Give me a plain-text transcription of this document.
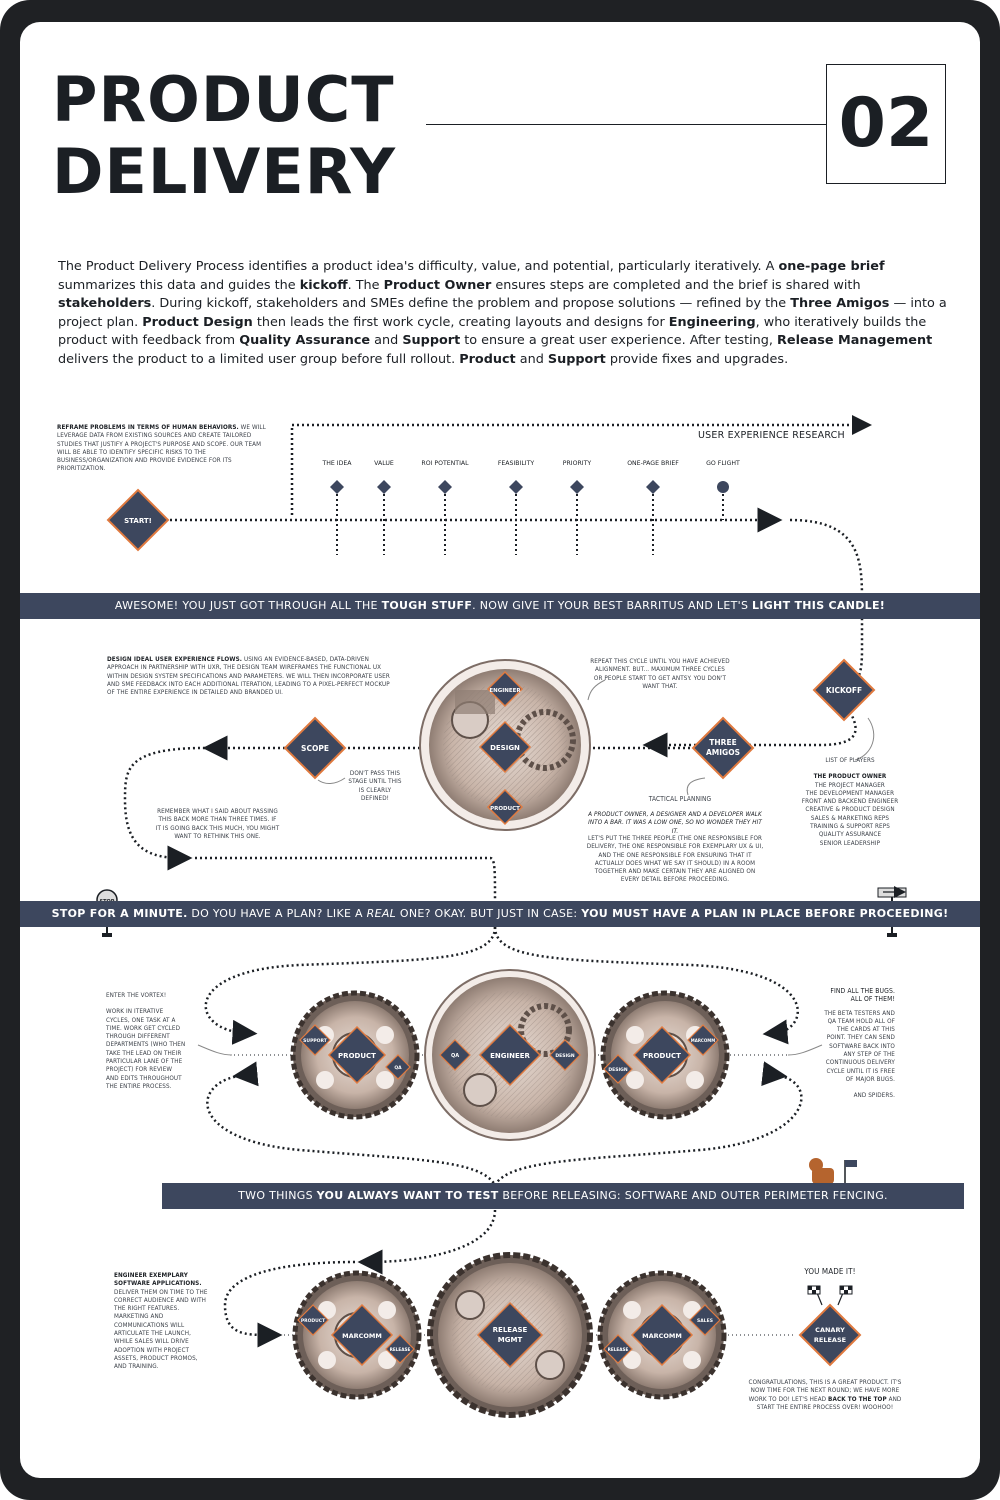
PRODUCT
DELIVERY
02
The Product Delivery Process identifies a product idea's difficulty, value, and potential, particularly iteratively. A one-page brief summarizes this data and guides the kickoff. The Product Owner ensures steps are completed and the brief is shared with stakeholders. During kickoff, stakeholders and SMEs define the problem and propose solutions — refined by the Three Amigos — into a project plan. Product Design then leads the first work cycle, creating layouts and designs for Engineering, who iteratively builds the product with feedback from Quality Assurance and Support to ensure a great user experience. After testing, Release Management delivers the product to a limited user group before full rollout. Product and Support provide fixes and upgrades.
THE IDEA	VALUE	ROI POTENTIAL	FEASIBILITY	PRIORITY	ONE-PAGE BRIEF	GO FLIGHT
START!
ENGINEER
DESIGN
PRODUCT
KICKOFF
THREE
AMIGOS
SCOPE
PRODUCT
SUPPORT
QA
QA	ENGINEER	DESIGN	PRODUCT
MARCOMM
DESIGN
MARCOMM
PRODUCT
RELEASE
RELEASE
MGMT	MARCOMM
SALES
RELEASE
CANARY
RELEASE
REFRAME PROBLEMS IN TERMS OF HUMAN BEHAVIORS. WE WILL LEVERAGE DATA FROM EXISTING SOURCES AND CREATE TAILORED STUDIES THAT JUSTIFY A PROJECT'S PURPOSE AND SCOPE. OUR TEAM WILL BE ABLE TO IDENTIFY SPECIFIC RISKS TO THE BUSINESS/ORGANIZATION AND PROVIDE EVIDENCE FOR ITS PRIORITIZATION.
USER EXPERIENCE RESEARCH
AWESOME! YOU JUST GOT THROUGH ALL THE TOUGH STUFF. NOW GIVE IT YOUR BEST BARRITUS AND LET'S LIGHT THIS CANDLE!
DESIGN IDEAL USER EXPERIENCE FLOWS. USING AN EVIDENCE-BASED, DATA-DRIVEN APPROACH IN PARTNERSHIP WITH UXR, THE DESIGN TEAM WIREFRAMES THE FUNCTIONAL UX WITHIN DESIGN SYSTEM SPECIFICATIONS AND PARAMETERS. WE WILL THEN INCORPORATE USER AND SME FEEDBACK INTO EACH ADDITIONAL ITERATION, LEADING TO A PIXEL-PERFECT MOCKUP OF THE ENTIRE EXPERIENCE IN DETAILED AND BRANDED UI.
REPEAT THIS CYCLE UNTIL YOU HAVE ACHIEVED ALIGNMENT. BUT... MAXIMUM THREE CYCLES OR PEOPLE START TO GET ANTSY. YOU DON'T WANT THAT.
DON'T PASS THIS STAGE UNTIL THIS IS CLEARLY DEFINED!
REMEMBER WHAT I SAID ABOUT PASSING THIS BACK MORE THAN THREE TIMES. IF IT IS GOING BACK THIS MUCH, YOU MIGHT WANT TO RETHINK THIS ONE.
TACTICAL PLANNING
A PRODUCT OWNER, A DESIGNER AND A DEVELOPER WALK INTO A BAR. IT WAS A LOW ONE, SO NO WONDER THEY HIT IT.
LET'S PUT THE THREE PEOPLE (THE ONE RESPONSIBLE FOR DELIVERY, THE ONE RESPONSIBLE FOR EXEMPLARY UX & UI, AND THE ONE RESPONSIBLE FOR ENSURING THAT IT ACTUALLY DOES WHAT WE SAY IT SHOULD) IN A ROOM TOGETHER AND MAKE CERTAIN THEY ARE ALIGNED ON EVERY DETAIL BEFORE PROCEEDING.
LIST OF PLAYERS
THE PRODUCT OWNER
THE PROJECT MANAGER
THE DEVELOPMENT MANAGER
FRONT AND BACKEND ENGINEER
CREATIVE & PRODUCT DESIGN
SALES & MARKETING REPS
TRAINING & SUPPORT REPS
QUALITY ASSURANCE
SENIOR LEADERSHIP
STOP FOR A MINUTE. DO YOU HAVE A PLAN? LIKE A REAL ONE? OKAY. BUT JUST IN CASE: YOU MUST HAVE A PLAN IN PLACE BEFORE PROCEEDING!
ENTER THE VORTEX!
WORK IN ITERATIVE CYCLES, ONE TASK AT A TIME. WORK GET CYCLED THROUGH DIFFERENT DEPARTMENTS (WHO THEN TAKE THE LEAD ON THEIR PARTICULAR LANE OF THE PROJECT) FOR REVIEW AND EDITS THROUGHOUT THE ENTIRE PROCESS.
FIND ALL THE BUGS. ALL OF THEM!
THE BETA TESTERS AND QA TEAM HOLD ALL OF THE CARDS AT THIS POINT. THEY CAN SEND SOFTWARE BACK INTO ANY STEP OF THE CONTINUOUS DELIVERY CYCLE UNTIL IT IS FREE OF MAJOR BUGS.
AND SPIDERS.
TWO THINGS YOU ALWAYS WANT TO TEST BEFORE RELEASING: SOFTWARE AND OUTER PERIMETER FENCING.
ENGINEER EXEMPLARY SOFTWARE APPLICATIONS. DELIVER THEM ON TIME TO THE CORRECT AUDIENCE AND WITH THE RIGHT FEATURES. MARKETING AND COMMUNICATIONS WILL ARTICULATE THE LAUNCH, WHILE SALES WILL DRIVE ADOPTION WITH PROJECT ASSETS, PRODUCT PROMOS, AND TRAINING.
YOU MADE IT!
CONGRATULATIONS, THIS IS A GREAT PRODUCT. IT'S NOW TIME FOR THE NEXT ROUND; WE HAVE MORE WORK TO DO! LET'S HEAD BACK TO THE TOP AND START THE ENTIRE PROCESS OVER! WOOHOO!
